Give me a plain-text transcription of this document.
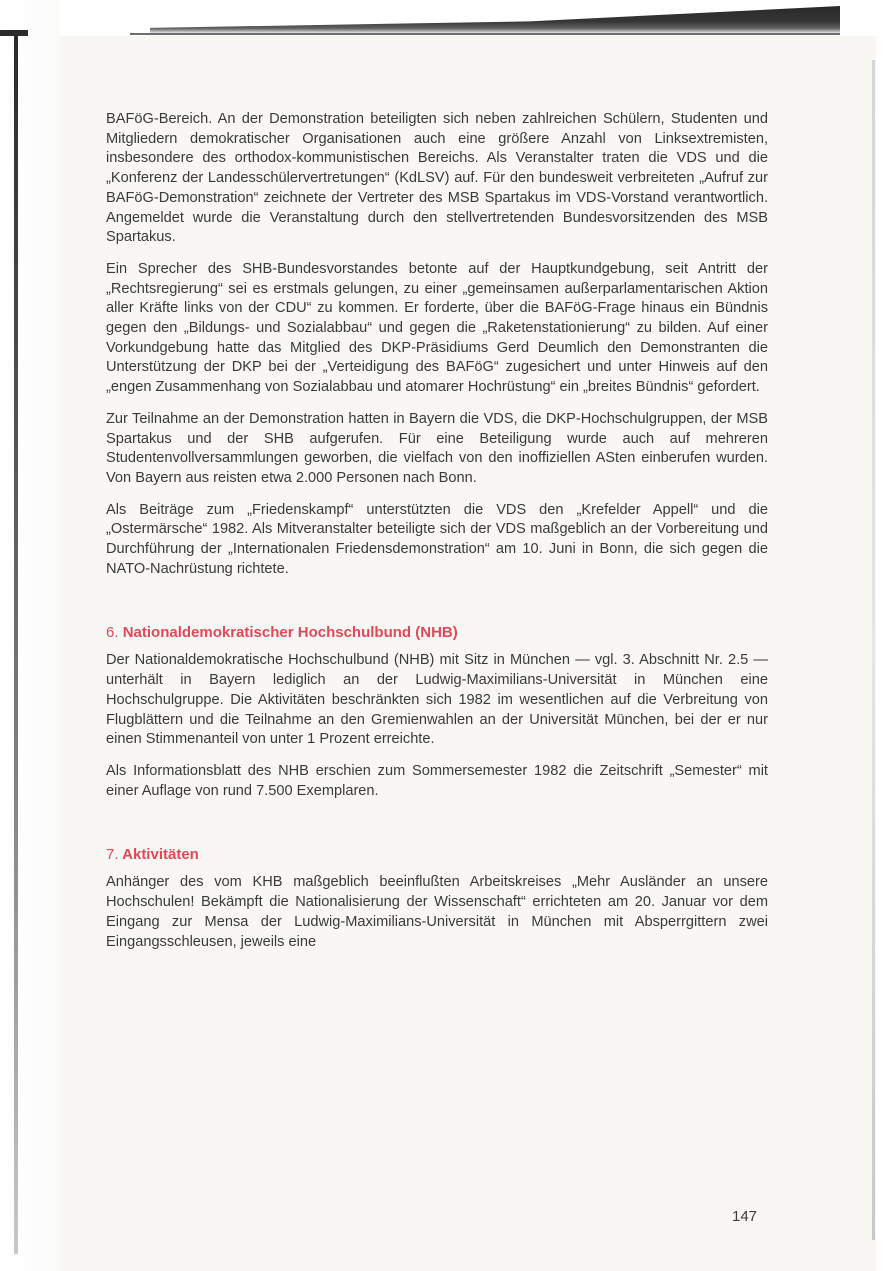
BAFöG-Bereich. An der Demonstration beteiligten sich neben zahlreichen Schülern, Studenten und Mitgliedern demokratischer Organisationen auch eine größere Anzahl von Linksextremisten, insbesondere des orthodox-kommunistischen Bereichs. Als Veranstalter traten die VDS und die „Konferenz der Landesschülervertretungen“ (KdLSV) auf. Für den bundesweit verbreiteten „Aufruf zur BAFöG-Demonstration“ zeichnete der Vertreter des MSB Spartakus im VDS-Vorstand verantwortlich. Angemeldet wurde die Veranstaltung durch den stellvertretenden Bundesvorsitzenden des MSB Spartakus.

Ein Sprecher des SHB-Bundesvorstandes betonte auf der Hauptkundgebung, seit Antritt der „Rechtsregierung“ sei es erstmals gelungen, zu einer „gemeinsamen außerparlamentarischen Aktion aller Kräfte links von der CDU“ zu kommen. Er forderte, über die BAFöG-Frage hinaus ein Bündnis gegen den „Bildungs- und Sozialabbau“ und gegen die „Raketenstationierung“ zu bilden. Auf einer Vorkundgebung hatte das Mitglied des DKP-Präsidiums Gerd Deumlich den Demonstranten die Unterstützung der DKP bei der „Verteidigung des BAFöG“ zugesichert und unter Hinweis auf den „engen Zusammenhang von Sozialabbau und atomarer Hochrüstung“ ein „breites Bündnis“ gefordert.

Zur Teilnahme an der Demonstration hatten in Bayern die VDS, die DKP-Hochschulgruppen, der MSB Spartakus und der SHB aufgerufen. Für eine Beteiligung wurde auch auf mehreren Studentenvollversammlungen geworben, die vielfach von den inoffiziellen ASten einberufen wurden. Von Bayern aus reisten etwa 2.000 Personen nach Bonn.

Als Beiträge zum „Friedenskampf“ unterstützten die VDS den „Krefelder Appell“ und die „Ostermärsche“ 1982. Als Mitveranstalter beteiligte sich der VDS maßgeblich an der Vorbereitung und Durchführung der „Internationalen Friedensdemonstration“ am 10. Juni in Bonn, die sich gegen die NATO-Nachrüstung richtete.

6. Nationaldemokratischer Hochschulbund (NHB)

Der Nationaldemokratische Hochschulbund (NHB) mit Sitz in München — vgl. 3. Abschnitt Nr. 2.5 — unterhält in Bayern lediglich an der Ludwig-Maximilians-Universität in München eine Hochschulgruppe. Die Aktivitäten beschränkten sich 1982 im wesentlichen auf die Verbreitung von Flugblättern und die Teilnahme an den Gremienwahlen an der Universität München, bei der er nur einen Stimmenanteil von unter 1 Prozent erreichte.

Als Informationsblatt des NHB erschien zum Sommersemester 1982 die Zeitschrift „Semester“ mit einer Auflage von rund 7.500 Exemplaren.

7. Aktivitäten

Anhänger des vom KHB maßgeblich beeinflußten Arbeitskreises „Mehr Ausländer an unsere Hochschulen! Bekämpft die Nationalisierung der Wissenschaft“ errichteten am 20. Januar vor dem Eingang zur Mensa der Ludwig-Maximilians-Universität in München mit Absperrgittern zwei Eingangsschleusen, jeweils eine

147
